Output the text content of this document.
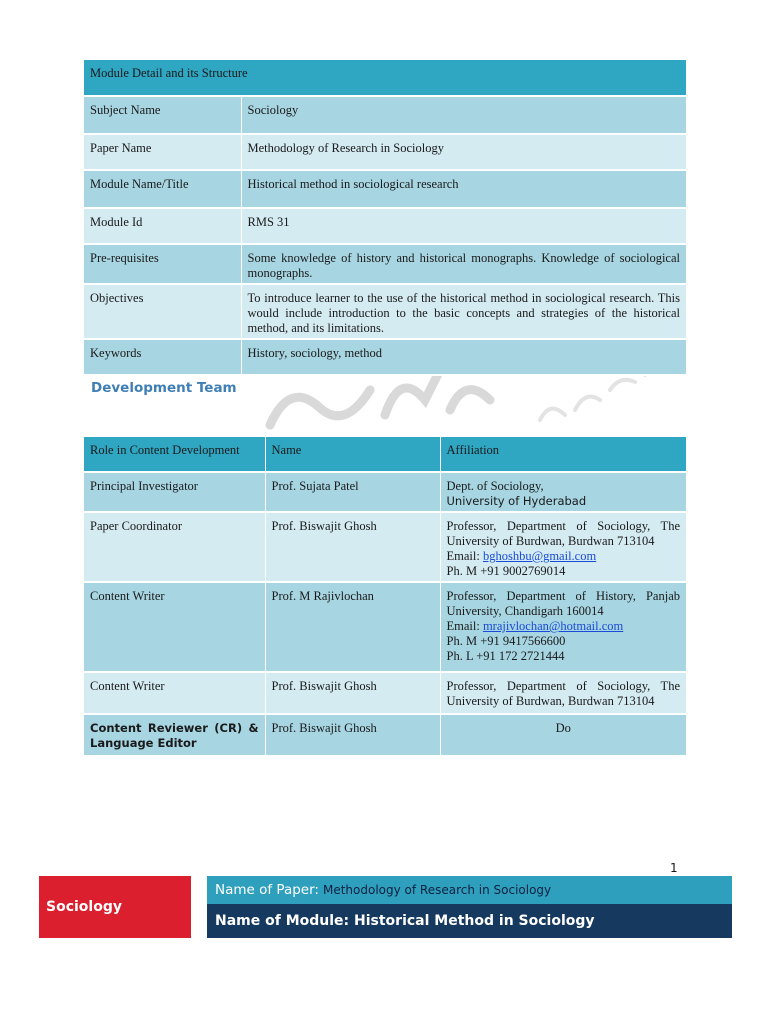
Module Detail and its Structure	
Subject Name	Sociology
Paper Name	Methodology of Research in Sociology
Module Name/Title	Historical method in sociological research
Module Id	RMS 31
Pre-requisites	Some knowledge of history and historical monographs. Knowledge of sociological monographs.
Objectives	To introduce learner to the use of the historical method in sociological research. This would include introduction to the basic concepts and strategies of the historical method, and its limitations.
Keywords	History, sociology, method
Development Team
Role in Content Development	Name	Affiliation
Principal Investigator	Prof. Sujata Patel	Dept. of Sociology,
University of Hyderabad

Paper Coordinator	Prof. Biswajit Ghosh	Professor, Department of Sociology, The University of Burdwan, Burdwan 713104
Email: bghoshbu@gmail.com
Ph. M +91 9002769014

Content Writer	Prof. M Rajivlochan	Professor, Department of History, Panjab University, Chandigarh 160014
Email: mrajivlochan@hotmail.com
Ph. M +91 9417566600
Ph. L +91 172 2721444

Content Writer	Prof. Biswajit Ghosh	Professor, Department of Sociology, The University of Burdwan, Burdwan 713104
Content Reviewer (CR) & Language Editor	Prof. Biswajit Ghosh	Do
1
Sociology
Name of Paper: Methodology of Research in Sociology
Name of Module: Historical Method in Sociology
